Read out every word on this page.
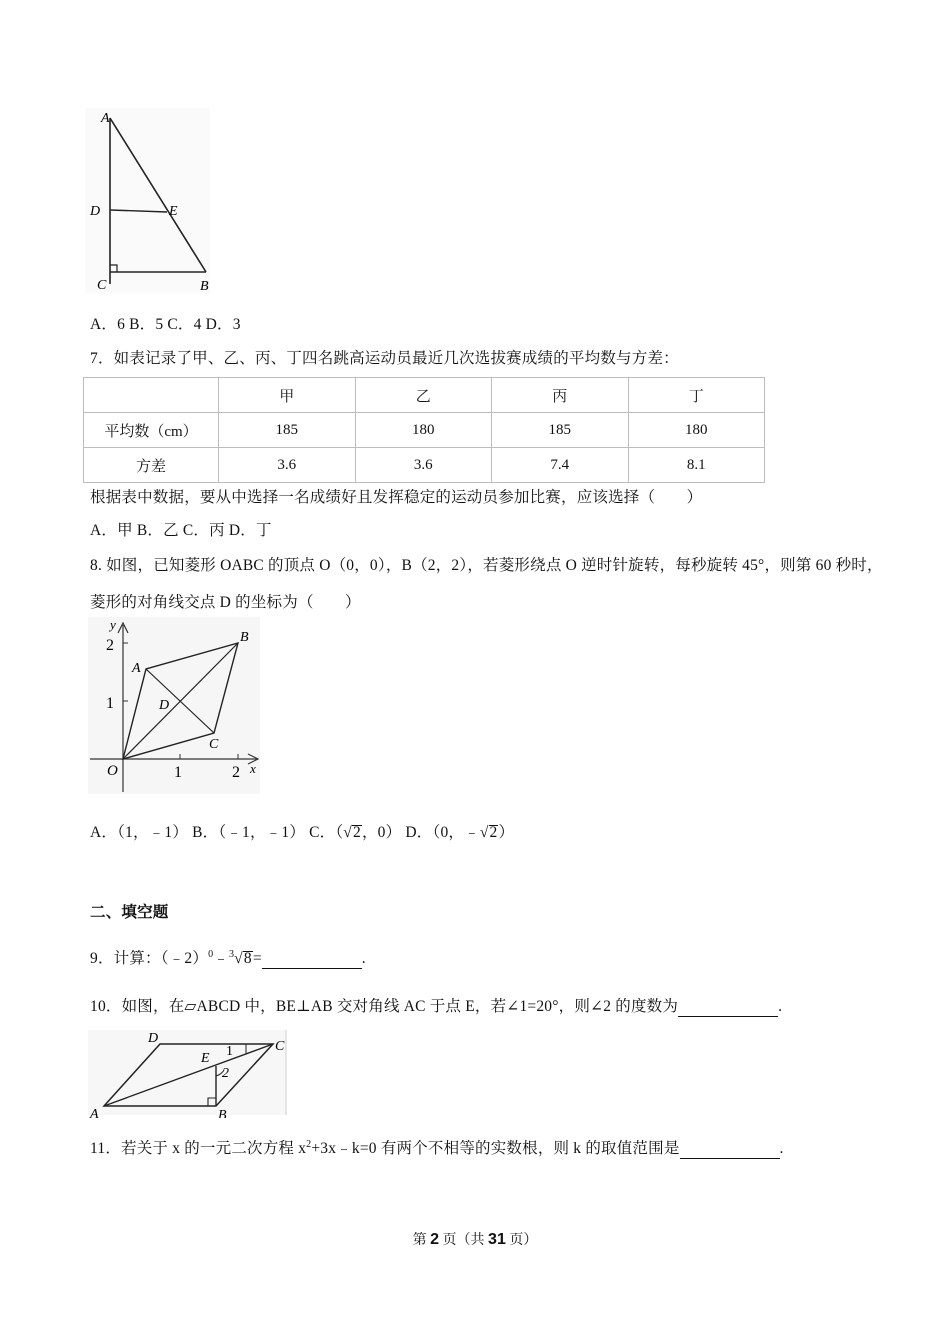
A
D	E
C	B
A．6 B．5 C．4 D．3
7．如表记录了甲、乙、丙、丁四名跳高运动员最近几次选拔赛成绩的平均数与方差：
	甲	乙	丙	丁
平均数（cm）	185	180	185	180
方差	3.6	3.6	7.4	8.1
根据表中数据，要从中选择一名成绩好且发挥稳定的运动员参加比赛，应该选择（　　）
A．甲 B．乙 C．丙 D．丁
8. 如图，已知菱形 OABC 的顶点 O（0，0），B（2，2），若菱形绕点 O 逆时针旋转，每秒旋转 45°，则第 60 秒时，
菱形的对角线交点 D 的坐标为（　　）
y
x
2
1
1	2
O
A
B
C
D
A．（1，﹣1） B．（﹣1，﹣1） C．（√2，0） D．（0，﹣√2）
二、填空题
9．计算：（﹣2）$^0$﹣$^3$√8=	.
10．如图，在▱ABCD 中，BE⊥AB 交对角线 AC 于点 E，若∠1=20°，则∠2 的度数为	.
A	B
C
D
E 1
2
11．若关于 x 的一元二次方程 $x^2+3x﹣k=0$ 有两个不相等的实数根，则 k 的取值范围是	.
第 2 页（共 31 页）
